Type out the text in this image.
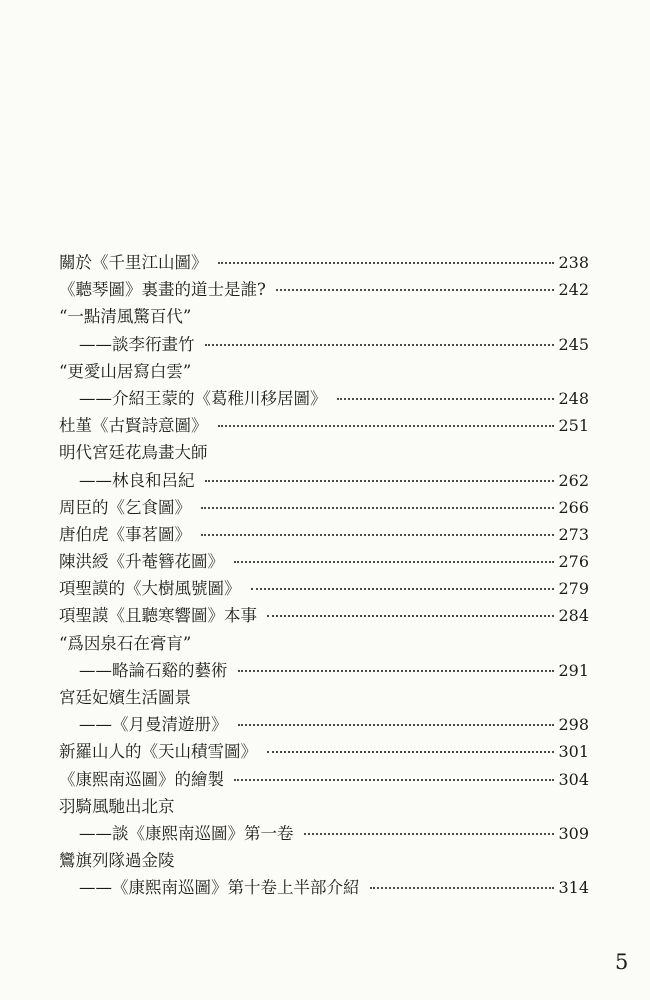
關於《千里江山圖》	238
《聽琴圖》裏畫的道士是誰?	242
“一點清風驚百代”
——談李衎畫竹	245
“更愛山居寫白雲”
——介紹王蒙的《葛稚川移居圖》	248
杜堇《古賢詩意圖》	251
明代宮廷花鳥畫大師
——林良和呂紀	262
周臣的《乞食圖》	266
唐伯虎《事茗圖》	273
陳洪綬《升菴簪花圖》	276
項聖謨的《大樹風號圖》	279
項聖謨《且聽寒響圖》本事	284
“爲因泉石在膏肓”
——略論石谿的藝術	291
宮廷妃嬪生活圖景
——《月曼清遊册》	298
新羅山人的《天山積雪圖》	301
《康熙南巡圖》的繪製	304
羽騎風馳出北京
——談《康熙南巡圖》第一卷	309
鸞旗列隊過金陵
——《康熙南巡圖》第十卷上半部介紹	314
5
